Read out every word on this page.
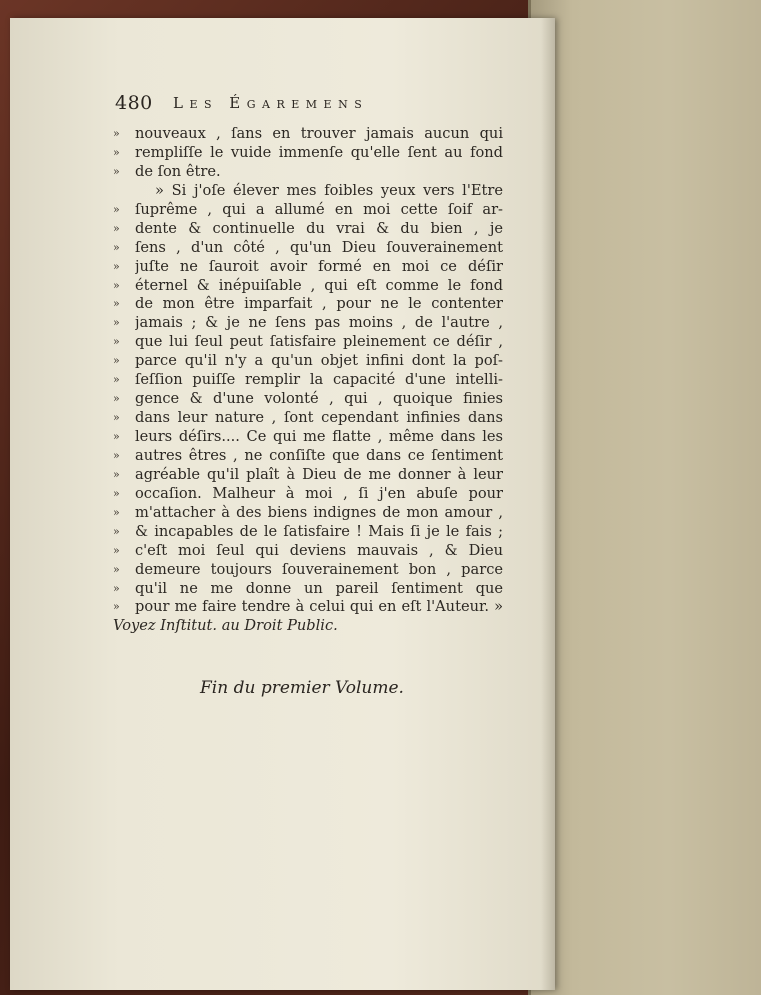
480 Les Égaremens
»	nouveaux , ſans en trouver jamais aucun qui
»	rempliſſe le vuide immenſe qu'elle ſent au fond
»	de ſon être.
» Si j'oſe élever mes foibles yeux vers l'Etre
»	ſuprême , qui a allumé en moi cette ſoif ar-
»	dente & continuelle du vrai & du bien , je
»	ſens , d'un côté , qu'un Dieu ſouverainement
»	juſte ne ſauroit avoir formé en moi ce déſir
»	éternel & inépuiſable , qui eſt comme le fond
»	de mon être imparfait , pour ne le contenter
»	jamais ; & je ne ſens pas moins , de l'autre ,
»	que lui ſeul peut ſatisfaire pleinement ce déſir ,
»	parce qu'il n'y a qu'un objet infini dont la poſ-
»	ſeſſion puiſſe remplir la capacité d'une intelli-
»	gence & d'une volonté , qui , quoique finies
»	dans leur nature , ſont cependant infinies dans
»	leurs déſirs.... Ce qui me flatte , même dans les
»	autres êtres , ne conſiſte que dans ce ſentiment
»	agréable qu'il plaît à Dieu de me donner à leur
»	occaſion. Malheur à moi , ſi j'en abuſe pour
»	m'attacher à des biens indignes de mon amour ,
»	& incapables de le ſatisfaire ! Mais ſi je le fais ;
»	c'eſt moi ſeul qui deviens mauvais , & Dieu
»	demeure toujours ſouverainement bon , parce
»	qu'il ne me donne un pareil ſentiment que
»	pour me faire tendre à celui qui en eſt l'Auteur. »
Voyez Inſtitut. au Droit Public.
Fin du premier Volume.
